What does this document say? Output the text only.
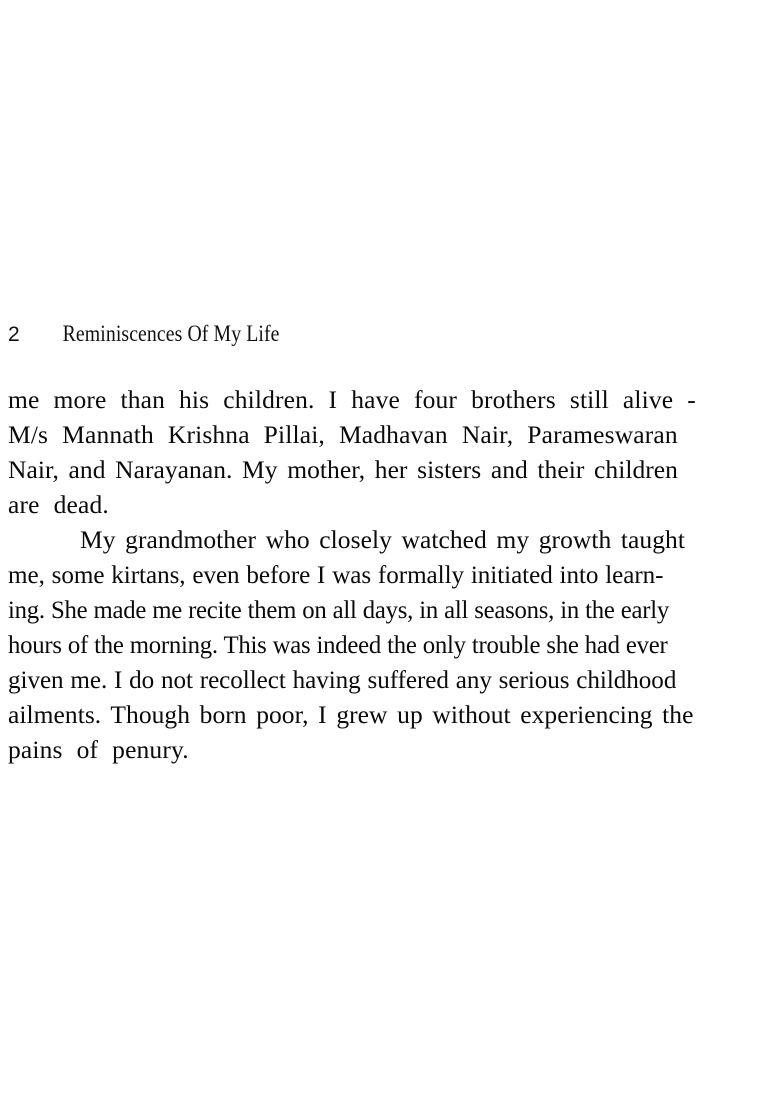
2 Reminiscences Of My Life
me more than his children. I have four brothers still alive -
M/s Mannath Krishna Pillai, Madhavan Nair, Parameswaran
Nair, and Narayanan. My mother, her sisters and their children
are dead.
My grandmother who closely watched my growth taught
me, some kirtans, even before I was formally initiated into learn-
ing. She made me recite them on all days, in all seasons, in the early
hours of the morning. This was indeed the only trouble she had ever
given me. I do not recollect having suffered any serious childhood
ailments. Though born poor, I grew up without experiencing the
pains of penury.
